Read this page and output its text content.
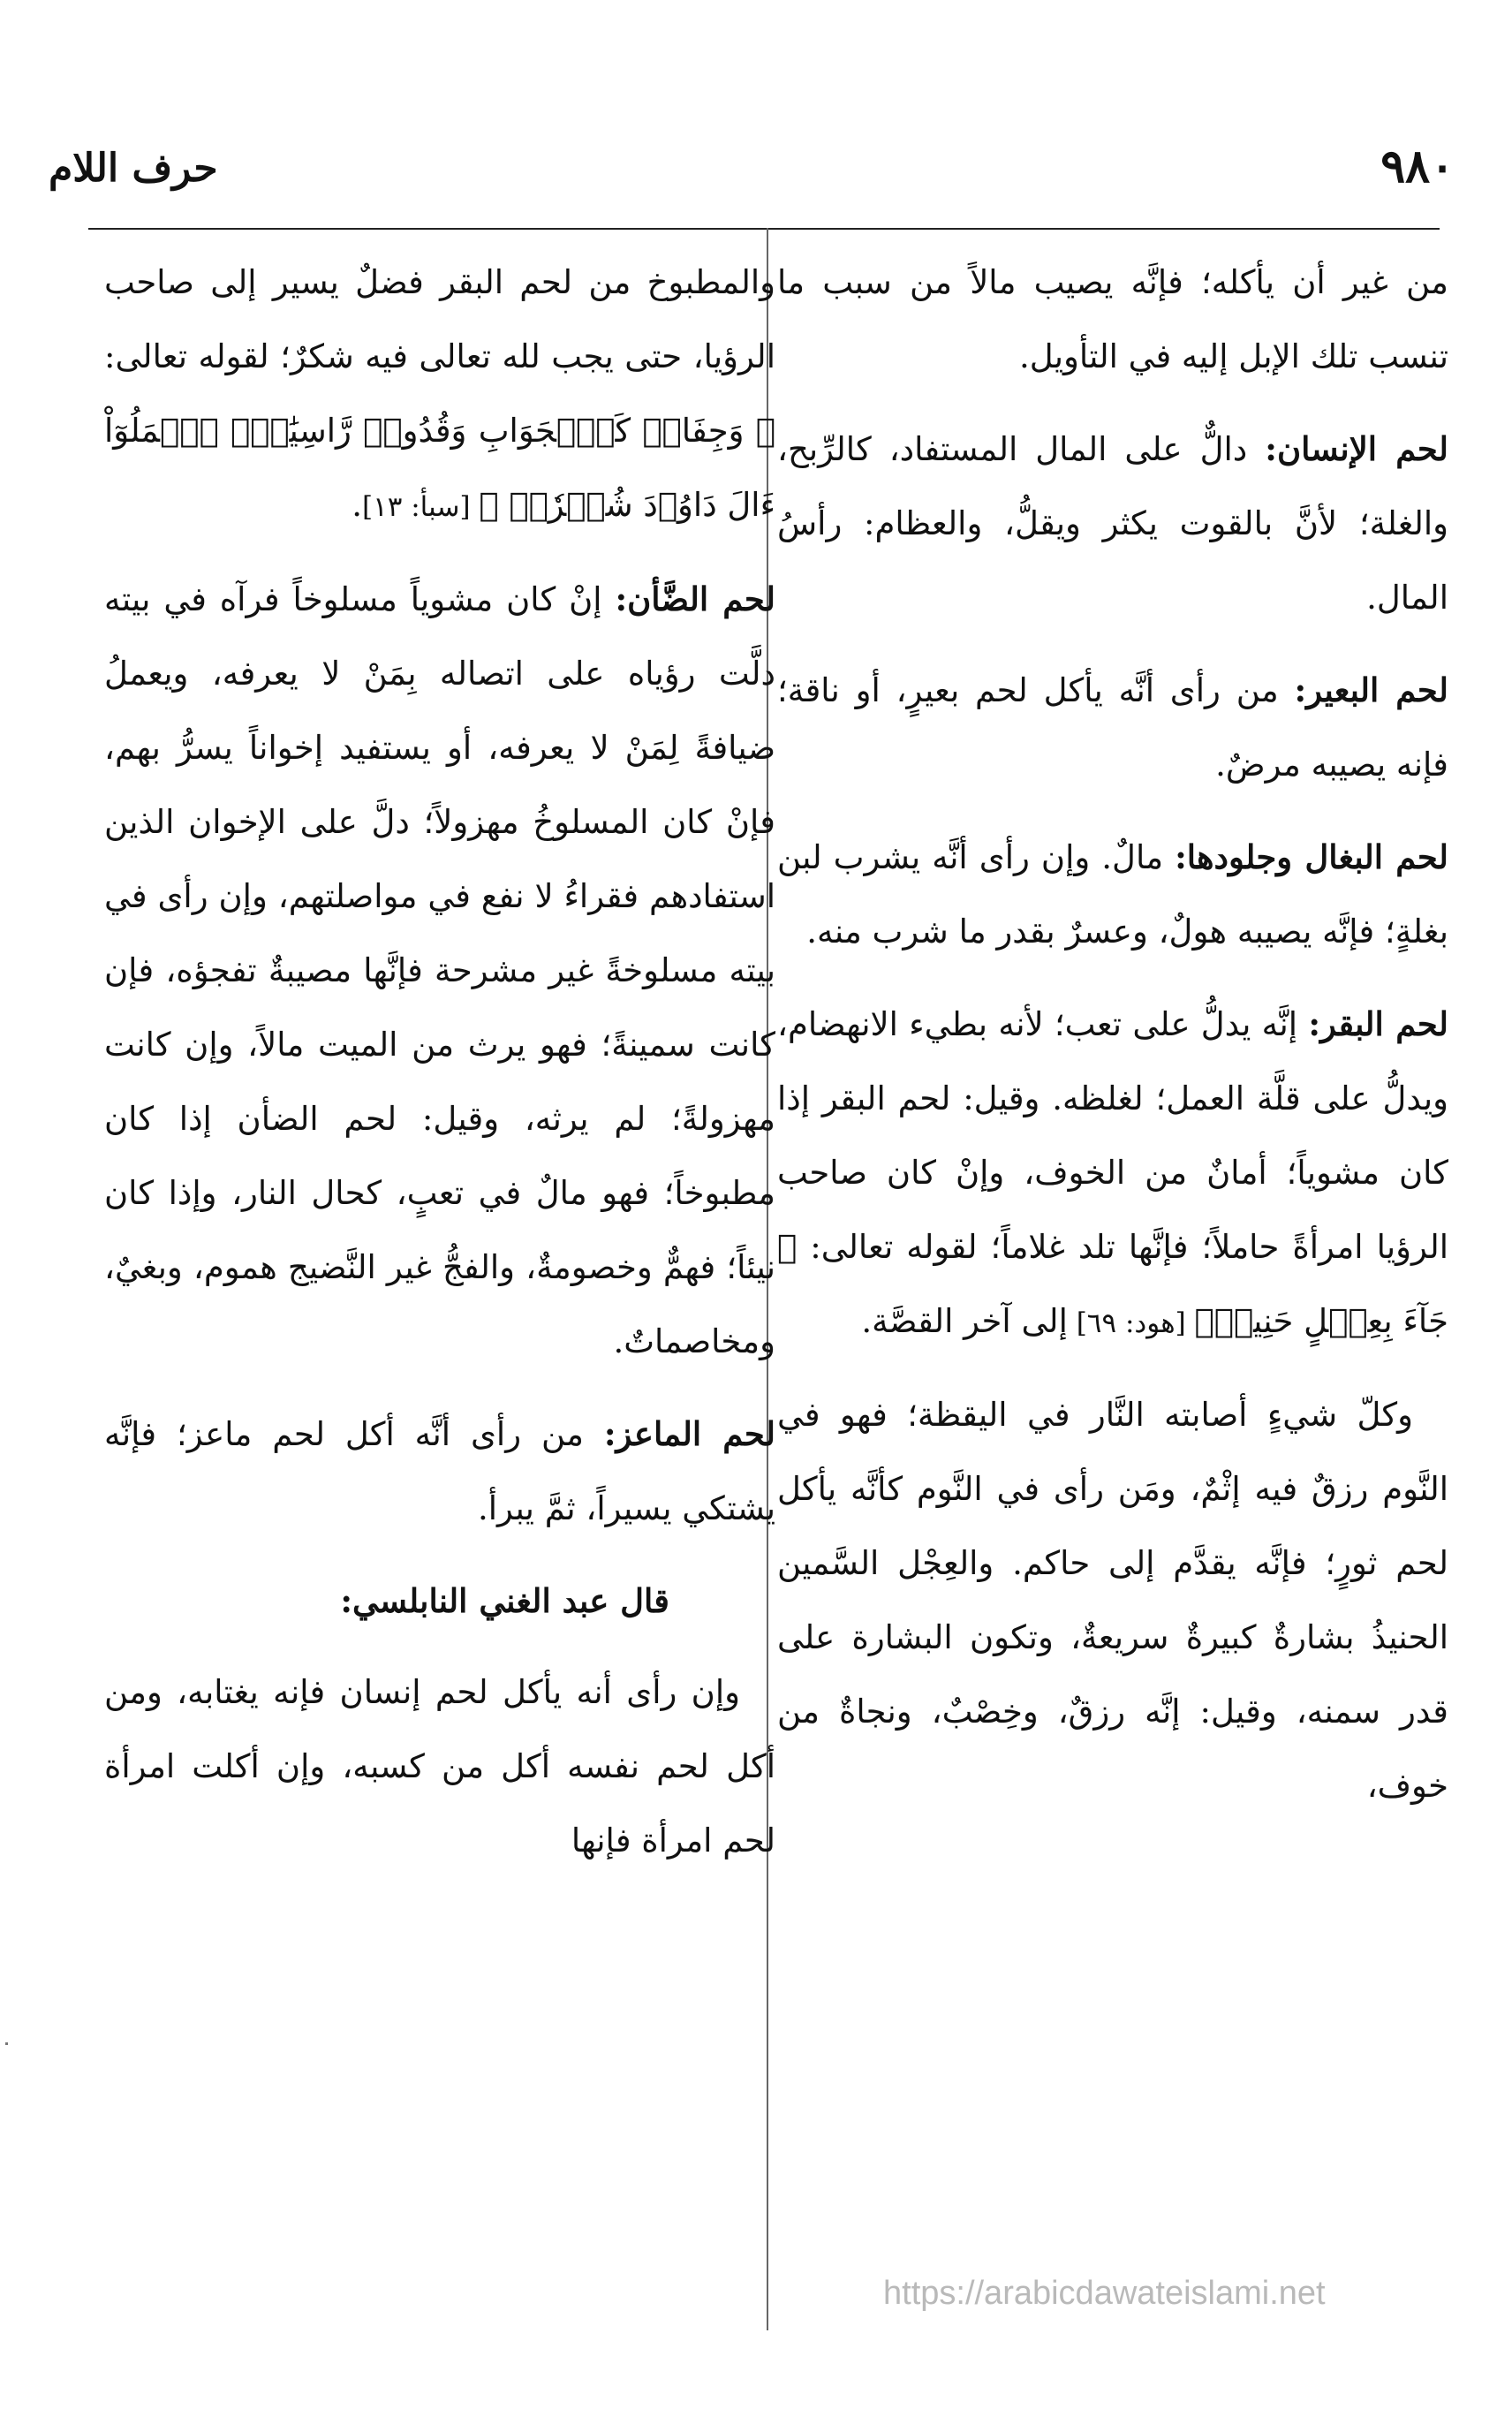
٩٨٠
حرف اللام

من غير أن يأكله؛ فإنَّه يصيب مالاً من سبب ما تنسب تلك الإبل إليه في التأويل.

لحم الإنسان: دالٌّ على المال المستفاد، كالرِّبح، والغلة؛ لأنَّ بالقوت يكثر ويقلُّ، والعظام: رأسُ المال.

لحم البعير: من رأى أنَّه يأكل لحم بعيرٍ، أو ناقة؛ فإنه يصيبه مرضٌ.

لحم البغال وجلودها: مالٌ. وإن رأى أنَّه يشرب لبن بغلةٍ؛ فإنَّه يصيبه هولٌ، وعسرٌ بقدر ما شرب منه.

لحم البقر: إنَّه يدلُّ على تعب؛ لأنه بطيء الانهضام، ويدلُّ على قلَّة العمل؛ لغلظه. وقيل: لحم البقر إذا كان مشوياً؛ أمانٌ من الخوف، وإنْ كان صاحب الرؤيا امرأةً حاملاً؛ فإنَّها تلد غلاماً؛ لقوله تعالى: ﴿ جَآءَ بِعِجۡلٍ حَنِيذٖ﴾ [هود: ٦٩] إلى آخر القصَّة.

وكلّ شيءٍ أصابته النَّار في اليقظة؛ فهو في النَّوم رزقٌ فيه إثْمٌ، ومَن رأى في النَّوم كأنَّه يأكل لحم ثورٍ؛ فإنَّه يقدَّم إلى حاكم. والعِجْل السَّمين الحنيذُ بشارةٌ كبيرةٌ سريعةٌ، وتكون البشارة على قدر سمنه، وقيل: إنَّه رزقٌ، وخِصْبٌ، ونجاةٌ من خوف،

والمطبوخ من لحم البقر فضلٌ يسير إلى صاحب الرؤيا، حتى يجب لله تعالى فيه شكرٌ؛ لقوله تعالى: ﴿ وَجِفَانٖ كَٱلۡجَوَابِ وَقُدُورٖ رَّاسِيَٰتٍۚ ٱعۡمَلُوٓاْ ءَالَ دَاوُۥدَ شُكۡرٗاۚ ﴾ [سبأ: ١٣].

لحم الضَّأن: إنْ كان مشوياً مسلوخاً فرآه في بيته دلَّت رؤياه على اتصاله بِمَنْ لا يعرفه، ويعملُ ضيافةً لِمَنْ لا يعرفه، أو يستفيد إخواناً يسرُّ بهم، فإنْ كان المسلوخُ مهزولاً؛ دلَّ على الإخوان الذين استفادهم فقراءُ لا نفع في مواصلتهم، وإن رأى في بيته مسلوخةً غير مشرحة فإنَّها مصيبةٌ تفجؤه، فإن كانت سمينةً؛ فهو يرث من الميت مالاً، وإن كانت مهزولةً؛ لم يرثه، وقيل: لحم الضأن إذا كان مطبوخاً؛ فهو مالٌ في تعبٍ، كحال النار، وإذا كان نيئاً؛ فهمٌّ وخصومةٌ، والفجُّ غير النَّضيج هموم، وبغيٌ، ومخاصماتٌ.

لحم الماعز: من رأى أنَّه أكل لحم ماعز؛ فإنَّه يشتكي يسيراً، ثمَّ يبرأ.

قال عبد الغني النابلسي:

وإن رأى أنه يأكل لحم إنسان فإنه يغتابه، ومن أكل لحم نفسه أكل من كسبه، وإن أكلت امرأة لحم امرأة فإنها

https://arabicdawateislami.net
